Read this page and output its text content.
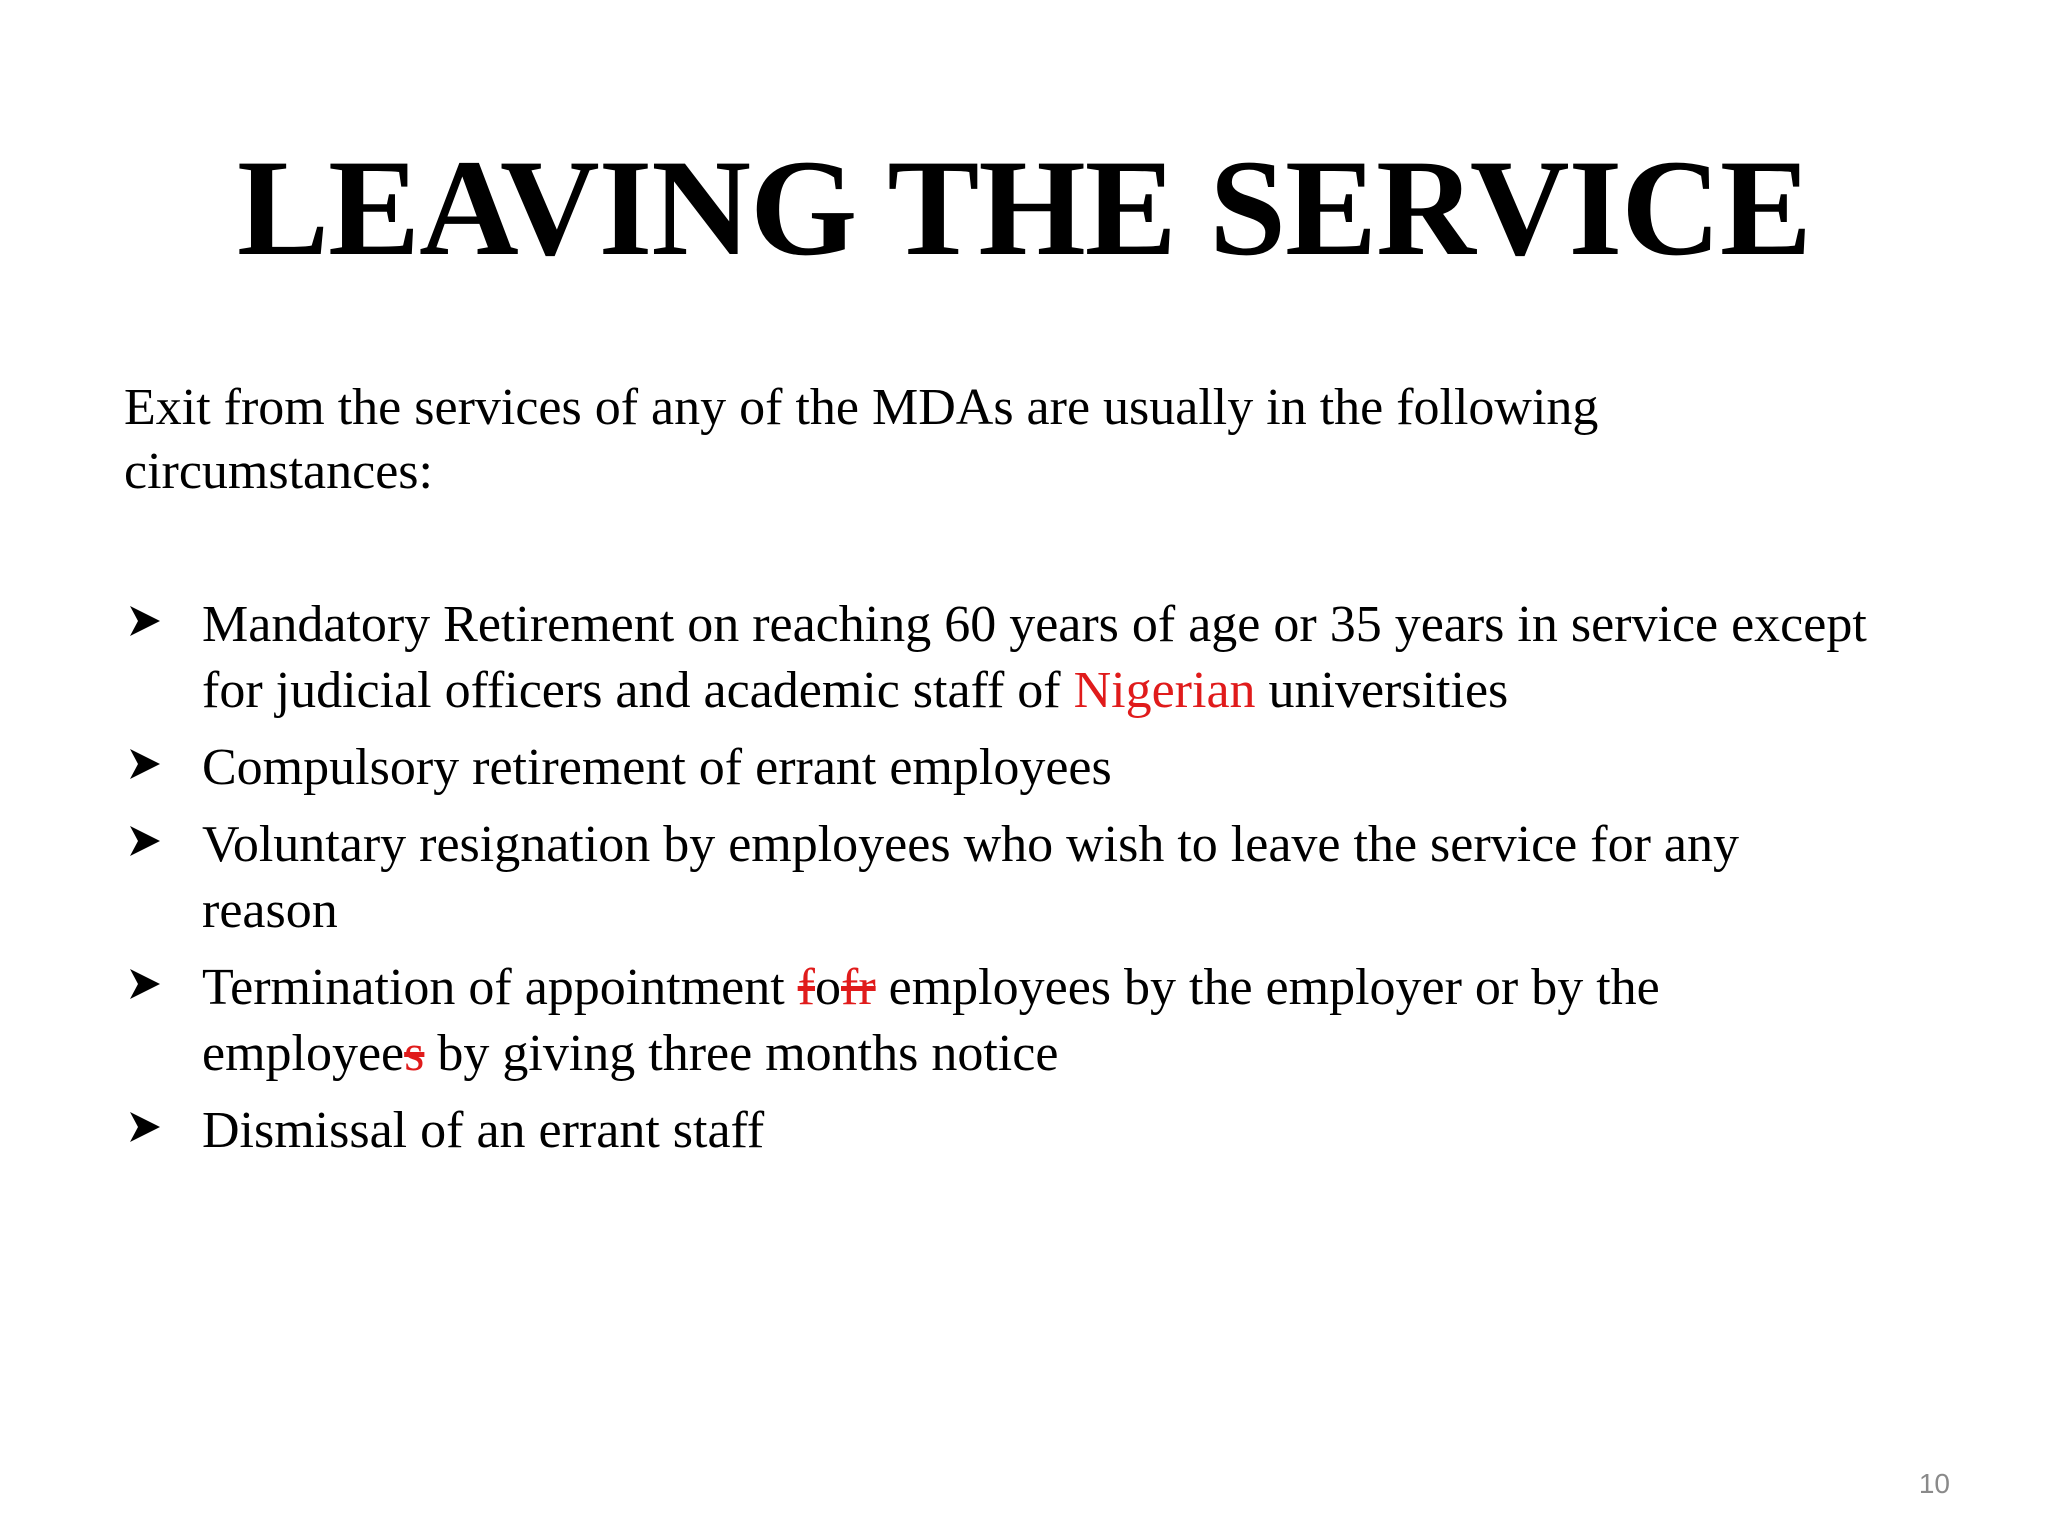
LEAVING THE SERVICE

Exit from the services of any of the MDAs are usually in the following circumstances:

Mandatory Retirement on reaching 60 years of age or 35 years in service except for judicial officers and academic staff of Nigerian universities
Compulsory retirement of errant employees
Voluntary resignation by employees who wish to leave the service for any reason
Termination of appointment fofr employees by the employer or by the employees by giving three months notice
Dismissal of an errant staff
10
